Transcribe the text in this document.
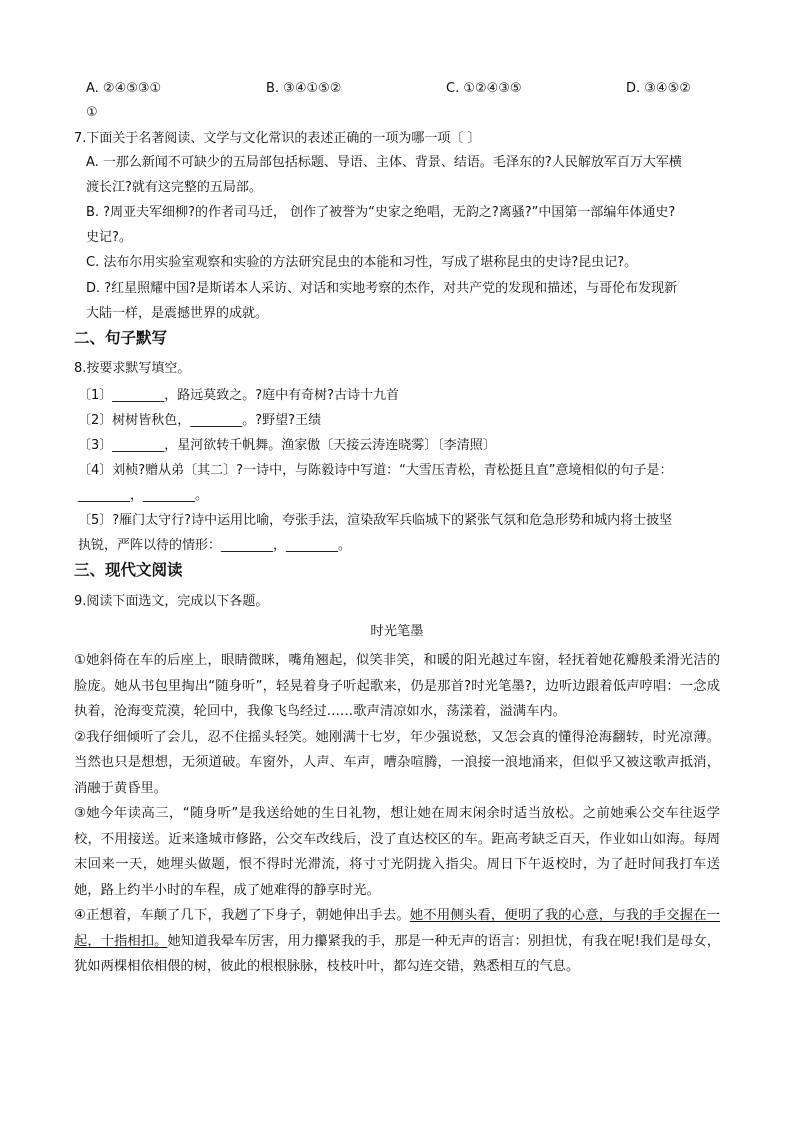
A. ②④⑤③①	B. ③④①⑤②	C. ①②④③⑤	D. ③④⑤②
①
7.下面关于名著阅读、文学与文化常识的表述正确的一项为哪一项〔 〕
A. 一那么新闻不可缺少的五局部包括标题、导语、主体、背景、结语。毛泽东的?人民解放军百万大军横
渡长江?就有这完整的五局部。
B. ?周亚夫军细柳?的作者司马迁， 创作了被誉为“史家之绝唱，无韵之?离骚?”中国第一部编年体通史?
史记?。
C. 法布尔用实验室观察和实验的方法研究昆虫的本能和习性，写成了堪称昆虫的史诗?昆虫记?。
D. ?红星照耀中国?是斯诺本人采访、对话和实地考察的杰作，对共产党的发现和描述，与哥伦布发现新
大陆一样，是震撼世界的成就。
二、句子默写
8.按要求默写填空。
〔1〕________，路远莫致之。?庭中有奇树?古诗十九首
〔2〕树树皆秋色，________。?野望?王绩
〔3〕________，星河欲转千帆舞。渔家傲〔天接云涛连晓雾〕〔李清照〕
〔4〕刘桢?赠从弟〔其二〕?一诗中，与陈毅诗中写道：“大雪压青松，青松挺且直”意境相似的句子是：
________，________。
〔5〕?雁门太守行?诗中运用比喻，夸张手法，渲染敌军兵临城下的紧张气氛和危急形势和城内将士披坚
执锐，严阵以待的情形：________，________。
三、现代文阅读
9.阅读下面选文，完成以下各题。
时光笔墨

①她斜倚在车的后座上，眼睛微眯，嘴角翘起，似笑非笑，和暖的阳光越过车窗，轻抚着她花瓣般柔滑光洁的脸庞。她从书包里掏出“随身听”，轻晃着身子听起歌来，仍是那首?时光笔墨?，边听边跟着低声哼唱：一念成执着，沧海变荒漠，轮回中，我像飞鸟经过……歌声清凉如水，荡漾着，溢满车内。

②我仔细倾听了会儿，忍不住摇头轻笑。她刚满十七岁，年少强说愁，又怎会真的懂得沧海翻转，时光凉薄。当然也只是想想，无须道破。车窗外，人声、车声，嘈杂喧腾，一浪接一浪地涌来，但似乎又被这歌声抵消，消融于黄昏里。

③她今年读高三，“随身听”是我送给她的生日礼物，想让她在周末闲余时适当放松。之前她乘公交车往返学校，不用接送。近来逢城市修路，公交车改线后，没了直达校区的车。距高考缺乏百天，作业如山如海。每周末回来一天，她埋头做题，恨不得时光滞流，将寸寸光阴拢入指尖。周日下午返校时，为了赶时间我打车送她，路上约半小时的车程，成了她难得的静享时光。

④正想着，车颠了几下，我趔了下身子，朝她伸出手去。她不用侧头看，便明了我的心意，与我的手交握在一起，十指相扣。她知道我晕车厉害，用力攥紧我的手，那是一种无声的语言：别担忧，有我在呢!我们是母女，犹如两棵相依相偎的树，彼此的根根脉脉，枝枝叶叶，都勾连交错，熟悉相互的气息。
